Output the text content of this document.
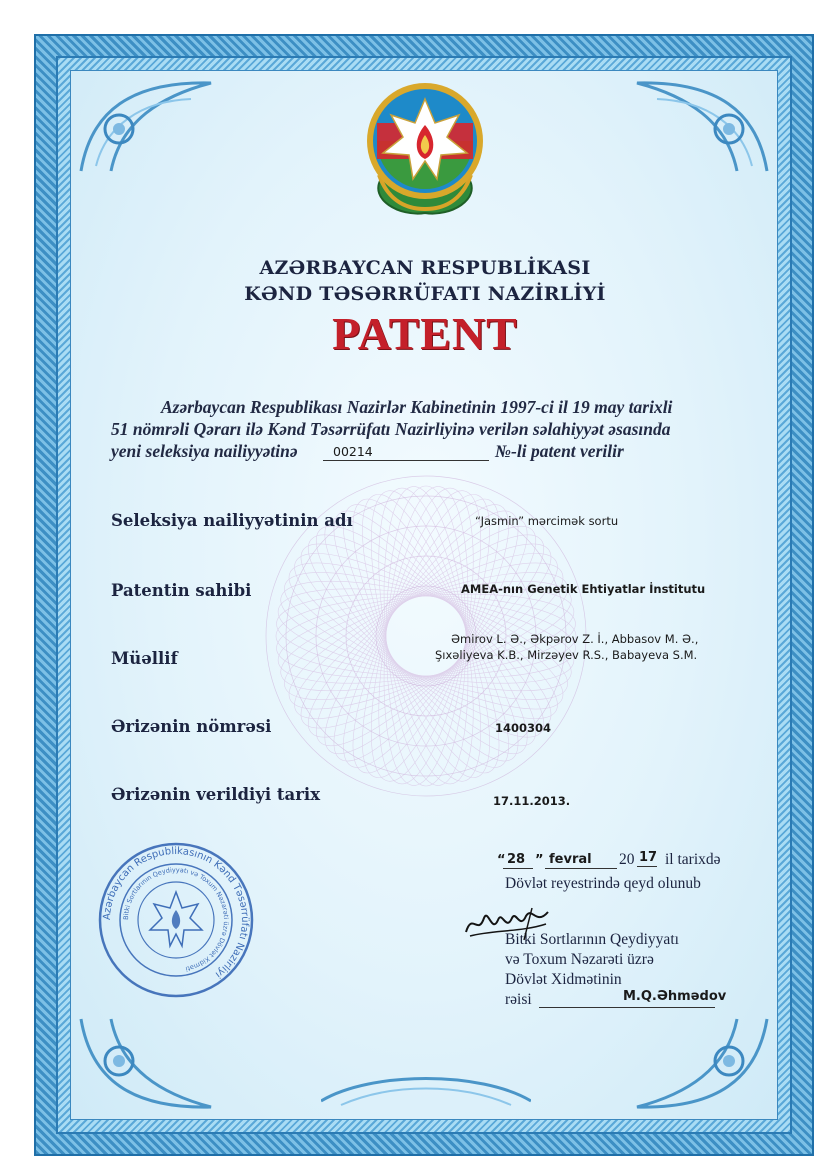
AZƏRBAYCAN RESPUBLİKASI
KƏND TƏSƏRRÜFATI NAZİRLİYİ
PATENT
Azərbaycan Respublikası Nazirlər Kabinetinin 1997-ci il 19 may tarixli
51 nömrəli Qərarı ilə Kənd Təsərrüfatı Nazirliyinə verilən səlahiyyət əsasında
yeni seleksiya nailiyyətinə	00214	№-li patent verilir
Seleksiya nailiyyətinin adı	“Jasmin” mərcimək sortu
Patentin sahibi	AMEA-nın Genetik Ehtiyatlar İnstitutu
Müəllif
Əmirov L. Ə., Əkpərov Z. İ., Abbasov M. Ə.,
Şıxəliyeva K.B., Mirzəyev R.S., Babayeva S.M.
Ərizənin nömrəsi	1400304
Ərizənin verildiyi tarix	17.11.2013.
“ 28 ” fevral 20 17 il tarixdə
Dövlət reyestrində qeyd olunub
Bitki Sortlarının Qeydiyyatı
və Toxum Nəzarəti üzrə
Dövlət Xidmətinin
rəisi	M.Q.Əhmədov
Azərbaycan Respublikasının Kənd Təsərrüfatı Nazirliyi
Bitki Sortlarının Qeydiyyatı və Toxum Nəzarəti üzrə Dövlət Xidməti
